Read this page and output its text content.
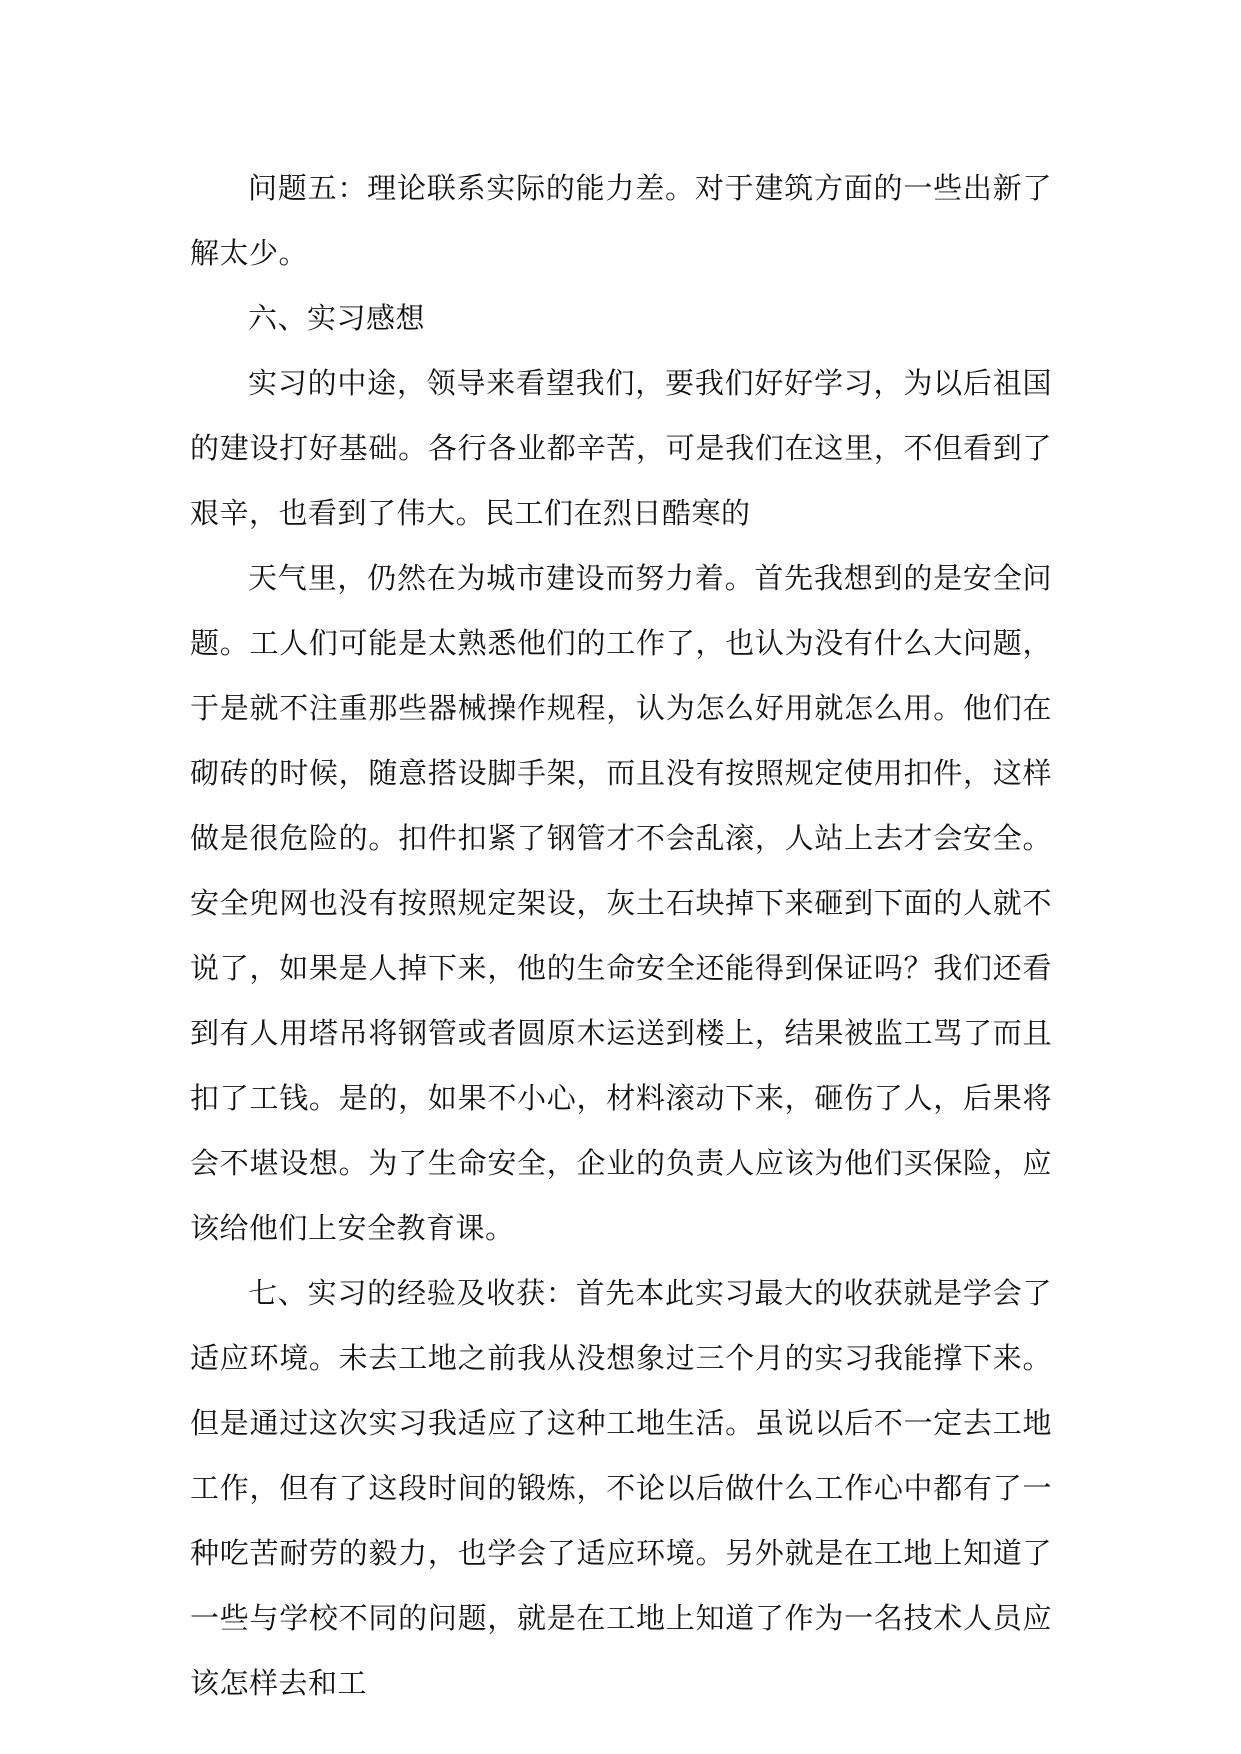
问题五：理论联系实际的能力差。对于建筑方面的一些出新了解太少。

六、实习感想

实习的中途，领导来看望我们，要我们好好学习，为以后祖国的建设打好基础。各行各业都辛苦，可是我们在这里，不但看到了艰辛，也看到了伟大。民工们在烈日酷寒的

天气里，仍然在为城市建设而努力着。首先我想到的是安全问题。工人们可能是太熟悉他们的工作了，也认为没有什么大问题，于是就不注重那些器械操作规程，认为怎么好用就怎么用。他们在砌砖的时候，随意搭设脚手架，而且没有按照规定使用扣件，这样做是很危险的。扣件扣紧了钢管才不会乱滚，人站上去才会安全。安全兜网也没有按照规定架设，灰土石块掉下来砸到下面的人就不说了，如果是人掉下来，他的生命安全还能得到保证吗？我们还看到有人用塔吊将钢管或者圆原木运送到楼上，结果被监工骂了而且扣了工钱。是的，如果不小心，材料滚动下来，砸伤了人，后果将会不堪设想。为了生命安全，企业的负责人应该为他们买保险，应该给他们上安全教育课。

七、实习的经验及收获：首先本此实习最大的收获就是学会了适应环境。未去工地之前我从没想象过三个月的实习我能撑下来。但是通过这次实习我适应了这种工地生活。虽说以后不一定去工地工作，但有了这段时间的锻炼，不论以后做什么工作心中都有了一种吃苦耐劳的毅力，也学会了适应环境。另外就是在工地上知道了一些与学校不同的问题，就是在工地上知道了作为一名技术人员应该怎样去和工
